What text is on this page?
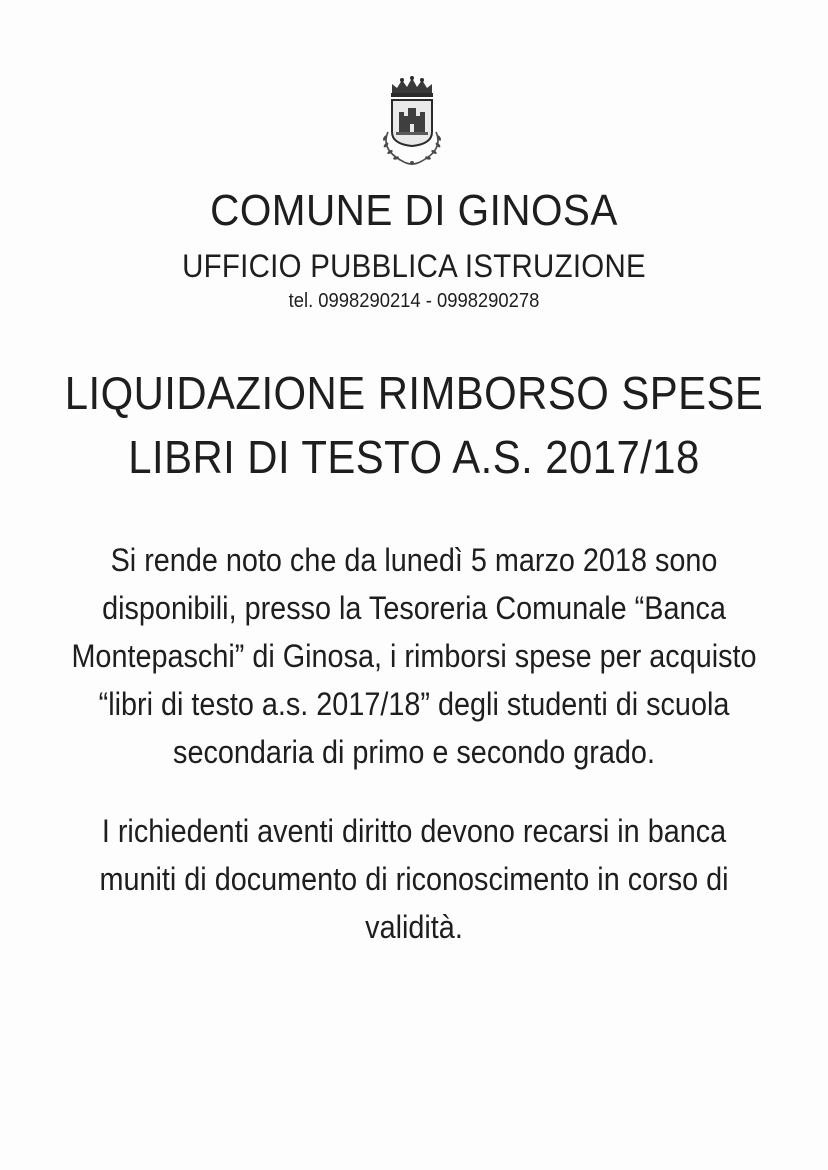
COMUNE DI GINOSA
UFFICIO PUBBLICA ISTRUZIONE
tel. 0998290214 - 0998290278
LIQUIDAZIONE RIMBORSO SPESE
LIBRI DI TESTO A.S. 2017/18
Si rende noto che da lunedì 5 marzo 2018 sono
disponibili, presso la Tesoreria Comunale “Banca
Montepaschi” di Ginosa, i rimborsi spese per acquisto
“libri di testo a.s. 2017/18” degli studenti di scuola
secondaria di primo e secondo grado.
I richiedenti aventi diritto devono recarsi in banca
muniti di documento di riconoscimento in corso di
validità.
